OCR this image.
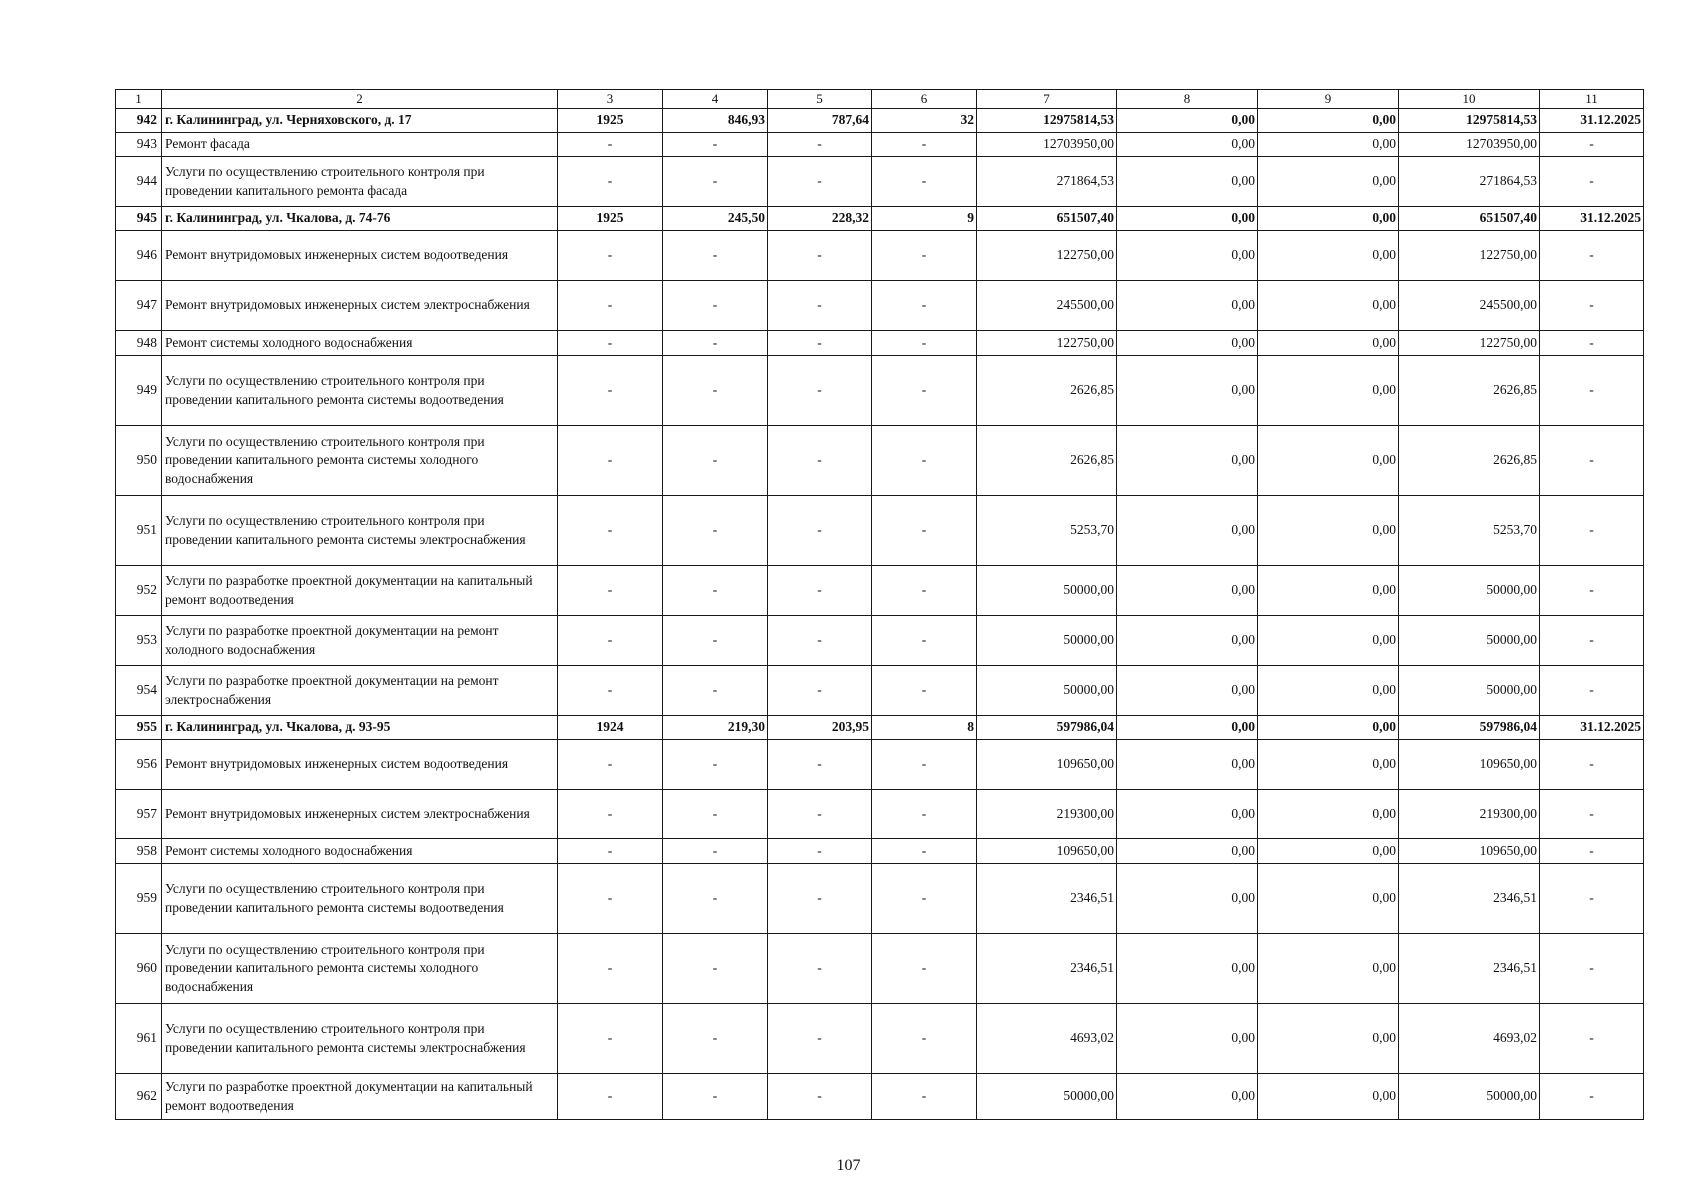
1	2	3	4	5	6	7	8	9	10	11
942	г. Калининград, ул. Черняховского, д. 17	1925	846,93	787,64	32	12975814,53	0,00	0,00	12975814,53	31.12.2025
943	Ремонт фасада	-	-	-	-	12703950,00	0,00	0,00	12703950,00	-
944	Услуги по осуществлению строительного контроля при проведении капитального ремонта фасада	-	-	-	-	271864,53	0,00	0,00	271864,53	-
945	г. Калининград, ул. Чкалова, д. 74-76	1925	245,50	228,32	9	651507,40	0,00	0,00	651507,40	31.12.2025
946	Ремонт внутридомовых инженерных систем водоотведения	-	-	-	-	122750,00	0,00	0,00	122750,00	-
947	Ремонт внутридомовых инженерных систем электроснабжения	-	-	-	-	245500,00	0,00	0,00	245500,00	-
948	Ремонт системы холодного водоснабжения	-	-	-	-	122750,00	0,00	0,00	122750,00	-
949	Услуги по осуществлению строительного контроля при проведении капитального ремонта системы водоотведения	-	-	-	-	2626,85	0,00	0,00	2626,85	-
950	Услуги по осуществлению строительного контроля при проведении капитального ремонта системы холодного водоснабжения	-	-	-	-	2626,85	0,00	0,00	2626,85	-
951	Услуги по осуществлению строительного контроля при проведении капитального ремонта системы электроснабжения	-	-	-	-	5253,70	0,00	0,00	5253,70	-
952	Услуги по разработке проектной документации на капитальный ремонт водоотведения	-	-	-	-	50000,00	0,00	0,00	50000,00	-
953	Услуги по разработке проектной документации на ремонт холодного водоснабжения	-	-	-	-	50000,00	0,00	0,00	50000,00	-
954	Услуги по разработке проектной документации на ремонт электроснабжения	-	-	-	-	50000,00	0,00	0,00	50000,00	-
955	г. Калининград, ул. Чкалова, д. 93-95	1924	219,30	203,95	8	597986,04	0,00	0,00	597986,04	31.12.2025
956	Ремонт внутридомовых инженерных систем водоотведения	-	-	-	-	109650,00	0,00	0,00	109650,00	-
957	Ремонт внутридомовых инженерных систем электроснабжения	-	-	-	-	219300,00	0,00	0,00	219300,00	-
958	Ремонт системы холодного водоснабжения	-	-	-	-	109650,00	0,00	0,00	109650,00	-
959	Услуги по осуществлению строительного контроля при проведении капитального ремонта системы водоотведения	-	-	-	-	2346,51	0,00	0,00	2346,51	-
960	Услуги по осуществлению строительного контроля при проведении капитального ремонта системы холодного водоснабжения	-	-	-	-	2346,51	0,00	0,00	2346,51	-
961	Услуги по осуществлению строительного контроля при проведении капитального ремонта системы электроснабжения	-	-	-	-	4693,02	0,00	0,00	4693,02	-
962	Услуги по разработке проектной документации на капитальный ремонт водоотведения	-	-	-	-	50000,00	0,00	0,00	50000,00	-
107
